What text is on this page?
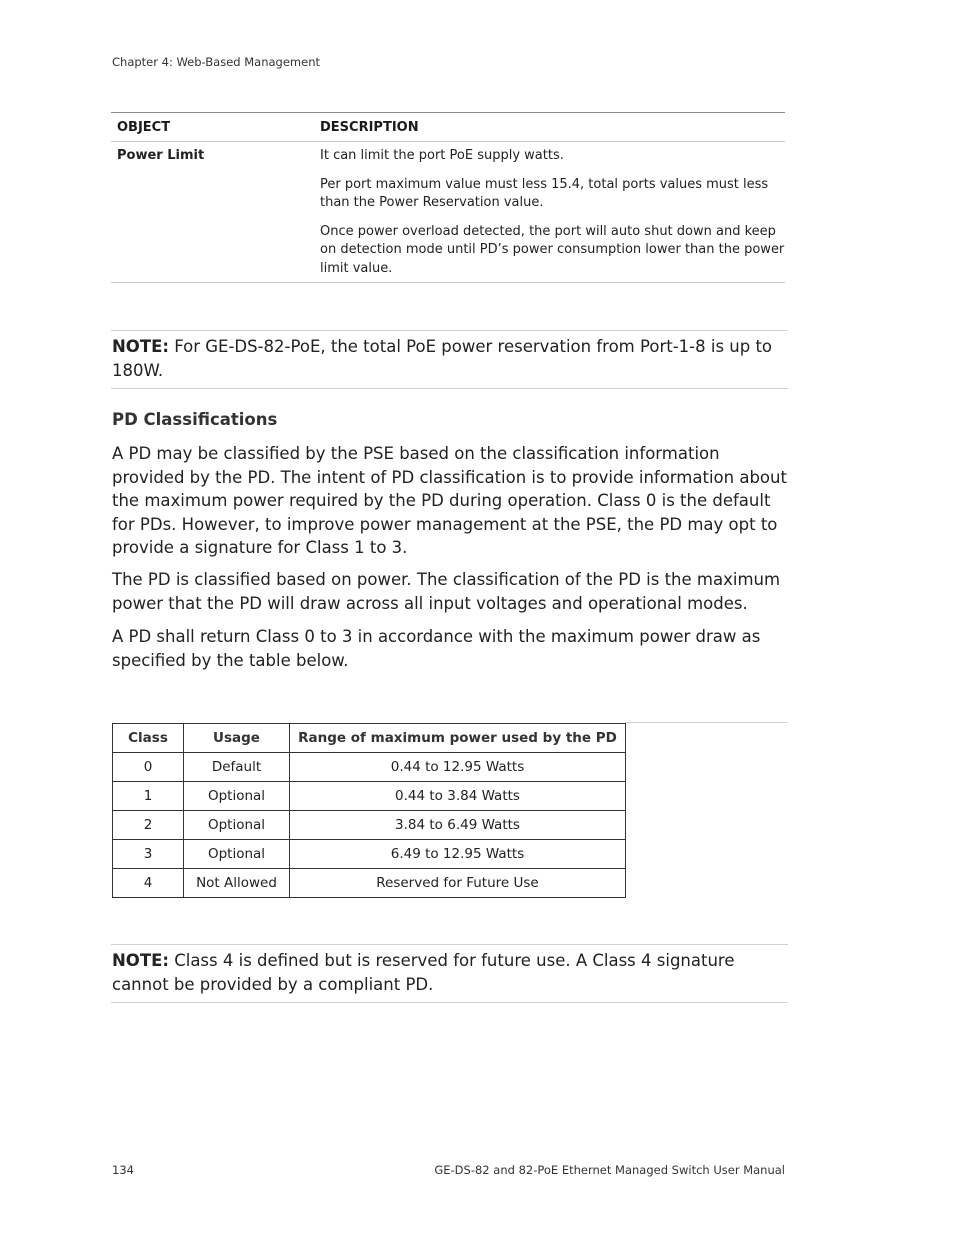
Chapter 4: Web-Based Management
OBJECT	DESCRIPTION
Power Limit	It can limit the port PoE supply watts.

Per port maximum value must less 15.4, total ports values must less than the Power Reservation value.

Once power overload detected, the port will auto shut down and keep on detection mode until PD’s power consumption lower than the power limit value.

NOTE: For GE-DS-82-PoE, the total PoE power reservation from Port-1-8 is up to 180W.
PD Classifications
A PD may be classified by the PSE based on the classification information provided by the PD. The intent of PD classification is to provide information about the maximum power required by the PD during operation. Class 0 is the default for PDs. However, to improve power management at the PSE, the PD may opt to provide a signature for Class 1 to 3.
The PD is classified based on power. The classification of the PD is the maximum power that the PD will draw across all input voltages and operational modes.
A PD shall return Class 0 to 3 in accordance with the maximum power draw as specified by the table below.
Class	Usage	Range of maximum power used by the PD
0	Default	0.44 to 12.95 Watts
1	Optional	0.44 to 3.84 Watts
2	Optional	3.84 to 6.49 Watts
3	Optional	6.49 to 12.95 Watts
4	Not Allowed	Reserved for Future Use
NOTE: Class 4 is defined but is reserved for future use. A Class 4 signature cannot be provided by a compliant PD.
134	GE-DS-82 and 82-PoE Ethernet Managed Switch User Manual
